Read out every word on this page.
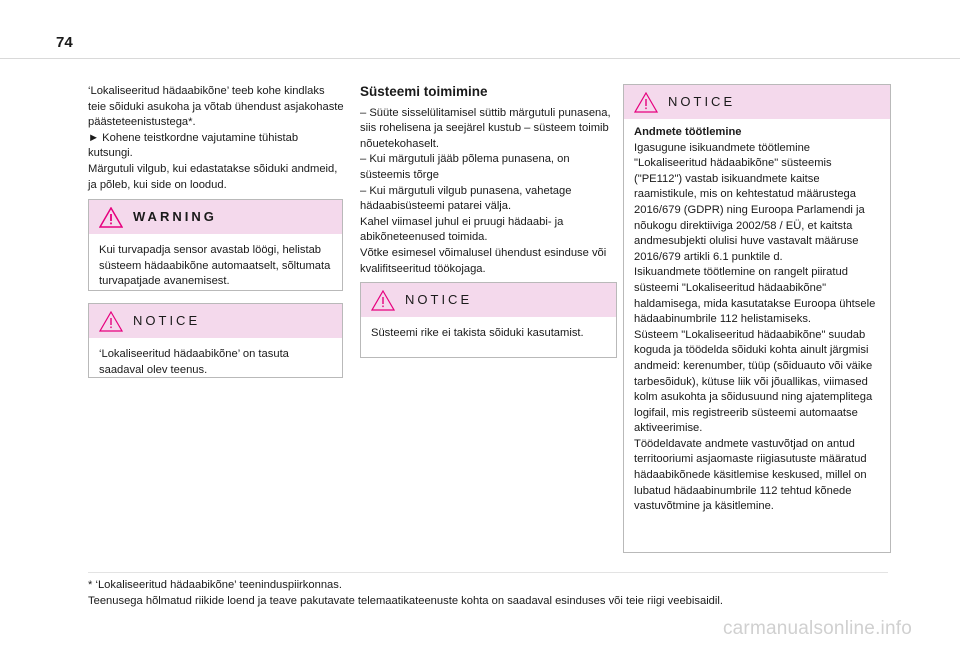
74

‘Lokaliseeritud hädaabikõne’ teeb kohe kindlaks teie sõiduki asukoha ja võtab ühendust asjakohaste päästeteenistustega*.

► Kohene teistkordne vajutamine tühistab kutsungi.

Märgutuli vilgub, kui edastatakse sõiduki andmeid, ja põleb, kui side on loodud.

WARNING

Kui turvapadja sensor avastab löögi, helistab süsteem hädaabikõne automaatselt, sõltumata turvapatjade avanemisest.

NOTICE

‘Lokaliseeritud hädaabikõne’ on tasuta saadaval olev teenus.

Süsteemi toimimine

– Süüte sisselülitamisel süttib märgutuli punasena, siis rohelisena ja seejärel kustub – süsteem toimib nõuetekohaselt.

– Kui märgutuli jääb põlema punasena, on süsteemis tõrge

– Kui märgutuli vilgub punasena, vahetage hädaabisüsteemi patarei välja.

Kahel viimasel juhul ei pruugi hädaabi- ja abikõneteenused toimida.

Võtke esimesel võimalusel ühendust esinduse või kvalifitseeritud töökojaga.

NOTICE

Süsteemi rike ei takista sõiduki kasutamist.

NOTICE

Andmete töötlemine

Igasugune isikuandmete töötlemine "Lokaliseeritud hädaabikõne" süsteemis ("PE112") vastab isikuandmete kaitse raamistikule, mis on kehtestatud määrustega 2016/679 (GDPR) ning Euroopa Parlamendi ja nõukogu direktiiviga 2002/58 / EÜ, et kaitsta andmesubjekti olulisi huve vastavalt määruse 2016/679 artikli 6.1 punktile d.

Isikuandmete töötlemine on rangelt piiratud süsteemi "Lokaliseeritud hädaabikõne" haldamisega, mida kasutatakse Euroopa ühtsele hädaabinumbrile 112 helistamiseks.

Süsteem "Lokaliseeritud hädaabikõne" suudab koguda ja töödelda sõiduki kohta ainult järgmisi andmeid: kerenumber, tüüp (sõiduauto või väike tarbesõiduk), kütuse liik või jõuallikas, viimased kolm asukohta ja sõidusuund ning ajatemplitega logifail, mis registreerib süsteemi automaatse aktiveerimise.

Töödeldavate andmete vastuvõtjad on antud territooriumi asjaomaste riigiasutuste määratud hädaabikõnede käsitlemise keskused, millel on lubatud hädaabinumbrile 112 tehtud kõnede vastuvõtmine ja käsitlemine.

* ‘Lokaliseeritud hädaabikõne’ teeninduspiirkonnas.

Teenusega hõlmatud riikide loend ja teave pakutavate telemaatikateenuste kohta on saadaval esinduses või teie riigi veebisaidil.

carmanualsonline.info
